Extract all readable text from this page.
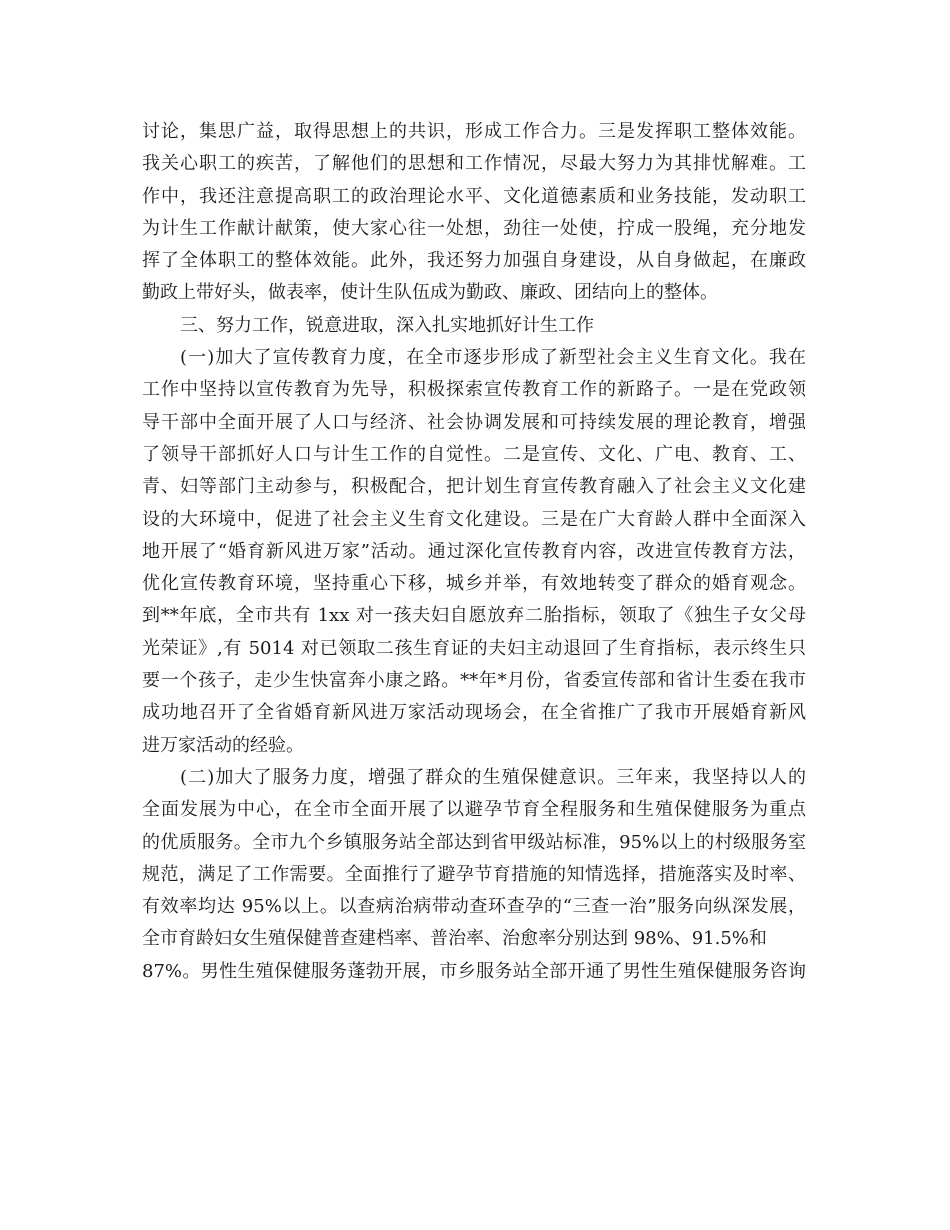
讨论，集思广益，取得思想上的共识，形成工作合力。三是发挥职工整体效能。
我关心职工的疾苦，了解他们的思想和工作情况，尽最大努力为其排忧解难。工
作中，我还注意提高职工的政治理论水平、文化道德素质和业务技能，发动职工
为计生工作献计献策，使大家心往一处想，劲往一处使，拧成一股绳，充分地发
挥了全体职工的整体效能。此外，我还努力加强自身建设，从自身做起，在廉政
勤政上带好头，做表率，使计生队伍成为勤政、廉政、团结向上的整体。
三、努力工作，锐意进取，深入扎实地抓好计生工作
(一)加大了宣传教育力度，在全市逐步形成了新型社会主义生育文化。我在
工作中坚持以宣传教育为先导，积极探索宣传教育工作的新路子。一是在党政领
导干部中全面开展了人口与经济、社会协调发展和可持续发展的理论教育，增强
了领导干部抓好人口与计生工作的自觉性。二是宣传、文化、广电、教育、工、
青、妇等部门主动参与，积极配合，把计划生育宣传教育融入了社会主义文化建
设的大环境中，促进了社会主义生育文化建设。三是在广大育龄人群中全面深入
地开展了“婚育新风进万家”活动。通过深化宣传教育内容，改进宣传教育方法，
优化宣传教育环境，坚持重心下移，城乡并举，有效地转变了群众的婚育观念。
到**年底，全市共有 1xx 对一孩夫妇自愿放弃二胎指标，领取了《独生子女父母
光荣证》,有 5014 对已领取二孩生育证的夫妇主动退回了生育指标，表示终生只
要一个孩子，走少生快富奔小康之路。**年*月份，省委宣传部和省计生委在我市
成功地召开了全省婚育新风进万家活动现场会，在全省推广了我市开展婚育新风
进万家活动的经验。
(二)加大了服务力度，增强了群众的生殖保健意识。三年来，我坚持以人的
全面发展为中心，在全市全面开展了以避孕节育全程服务和生殖保健服务为重点
的优质服务。全市九个乡镇服务站全部达到省甲级站标准，95%以上的村级服务室
规范，满足了工作需要。全面推行了避孕节育措施的知情选择，措施落实及时率、
有效率均达 95%以上。以查病治病带动查环查孕的“三查一治”服务向纵深发展，
全市育龄妇女生殖保健普查建档率、普治率、治愈率分别达到 98%、91.5%和
87%。男性生殖保健服务蓬勃开展，市乡服务站全部开通了男性生殖保健服务咨询
